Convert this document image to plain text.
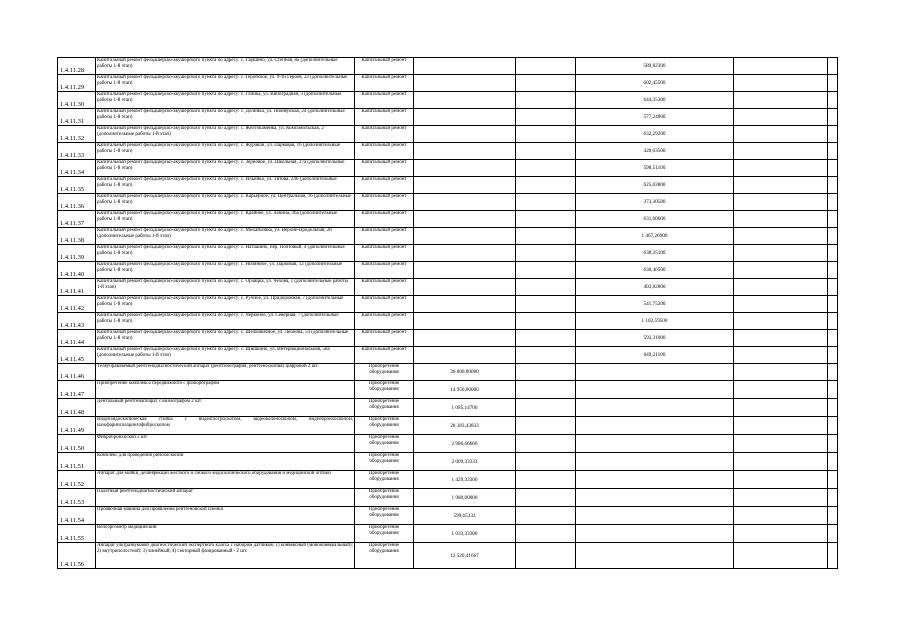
1.4.11.28	Капитальный ремонт фельдшерско-акушерского пункта по адресу: с. Гаршино, ул. Степная, 8а (дополнительные работы 1-й этап)	Капитальный ремонт			589,82300		
1.4.11.29	Капитальный ремонт фельдшерско-акушерского пункта по адресу: с. Геройское, ул. 9-ти Героев, 22 (дополнительные работы 1-й этап)	Капитальный ремонт			602,45500		
1.4.11.30	Капитальный ремонт фельдшерско-акушерского пункта по адресу: с. Глинка, ул. Виноградная, 3 (дополнительные работы 1-й этап)	Капитальный ремонт			644,35300		
1.4.11.31	Капитальный ремонт фельдшерско-акушерского пункта по адресу: с. Долинка, ул. Пионерская, 24 (дополнительные работы 1-й этап)	Капитальный ремонт			577,24800		
1.4.11.32	Капитальный ремонт фельдшерско-акушерского пункта по адресу: с. Желтокаменка, ул. Комсомольская, 2 (дополнительные работы 1-й этап)	Капитальный ремонт			632,29200		
1.4.11.33	Капитальный ремонт фельдшерско-акушерского пункта по адресу: с. Журавли, ул. Парковая, 16 (дополнительные работы 1-й этап)	Капитальный ремонт			428,63500		
1.4.11.34	Капитальный ремонт фельдшерско-акушерского пункта по адресу: с. Зерновое, ул. Школьная, 27а (дополнительные работы 1-й этап)	Капитальный ремонт			598,51100		
1.4.11.35	Капитальный ремонт фельдшерско-акушерского пункта по адресу: с. Ильинка, ул. Титова, 24б (дополнительные работы 1-й этап)	Капитальный ремонт			625,03800		
1.4.11.36	Капитальный ремонт фельдшерско-акушерского пункта по адресу: с. Карьерное, ул. Центральная, 16 (дополнительные работы 1-й этап)	Капитальный ремонт			373,30500		
1.4.11.37	Капитальный ремонт фельдшерско-акушерского пункта по адресу: с. Крайнее, ул. Ленина, 36а (дополнительные работы 1-й этап)	Капитальный ремонт			631,60600		
1.4.11.38	Капитальный ремонт фельдшерско-акушерского пункта по адресу: с. Михайловка, ул. Верхне-Продольная, 28 (дополнительные работы 1-й этап)	Капитальный ремонт			1 467,26900		
1.4.11.39	Капитальный ремонт фельдшерско-акушерского пункта по адресу: с. Наташино, пер. Почтовый, 4 (дополнительные работы 1-й этап)	Капитальный ремонт			638,35100		
1.4.11.40	Капитальный ремонт фельдшерско-акушерского пункта по адресу: с. Низинное, ул. Парковая, 12 (дополнительные работы 1-й этап)	Капитальный ремонт			638,46500		
1.4.11.41	Капитальный ремонт фельдшерско-акушерского пункта по адресу: с. Орляцка, ул. Чехова, 1 (дополнительные работы 1-й этап)	Капитальный ремонт			403,82800		
1.4.11.42	Капитальный ремонт фельдшерско-акушерского пункта по адресу: с. Ручное, ул. Придорожная, 7 (дополнительные работы 1-й этап)	Капитальный ремонт			541,75200		
1.4.11.43	Капитальный ремонт фельдшерско-акушерского пункта по адресу: с. Черконое, ул. Северная, 7 (дополнительные работы 1-й этап)	Капитальный ремонт			1 102,59500		
1.4.11.44	Капитальный ремонт фельдшерско-акушерского пункта по адресу: с. Шелковичное, ул. Леонова, 54 (дополнительные работы 1-й этап)	Капитальный ремонт			593,31000		
1.4.11.45	Капитальный ремонт фельдшерско-акушерского пункта по адресу: с. Шишкино, ул. Интернациональная, 58а (дополнительные работы 1-й этап)	Капитальный ремонт			649,21100		
1.4.11.46	Телеуправляемый рентгенодиагностический аппарат (рентгенография, рентгеноскопия) цифровой 2 шт.	Приобретение оборудования	36 800,00000				
1.4.11.47	Приобретение комплекса передвижного с флюорографом	Приобретение оборудования	14 950,00000				
1.4.11.48	Дентальный рентгенаппарат с визиографом 2 шт.	Приобретение оборудования	1 085,14700				
1.4.11.49	Видеоэндоскопическая стойка с видеогастроскопом, видеоколоноскопом, видеобронхоскопом, назофаринголарингофиброскопом	Приобретение оборудования	28 383,43833				
1.4.11.50	Фибробронхоскоп 2 шт.	Приобретение оборудования	2 986,66666				
1.4.11.51	Комплекс для проведения ринохоскопии	Приобретение оборудования	2 009,33333				
1.4.11.52	Аппарат для мойки, дезинфекции жесткого и гибкого эндоскопического оборудования и медицинской оптики	Приобретение оборудования	1 429,33300				
1.4.11.53	Палатный рентгенодиагностический аппарат	Приобретение оборудования	1 980,00000				
1.4.11.54	Проявочная машина для проявления рентгеновской пленки	Приобретение оборудования	599,65333				
1.4.11.55	Велоэргометр медицинский	Приобретение оборудования	1 033,33300				
1.4.11.56	Аппарат ультразвуковой диагностический экспертного класса с набором датчиков: 1) конвексный (моноконвекальный); 2) внутриполостной; 3) линейный; 4) секторный фазированный - 2 шт.	Приобретение оборудования	12 520,41667				
